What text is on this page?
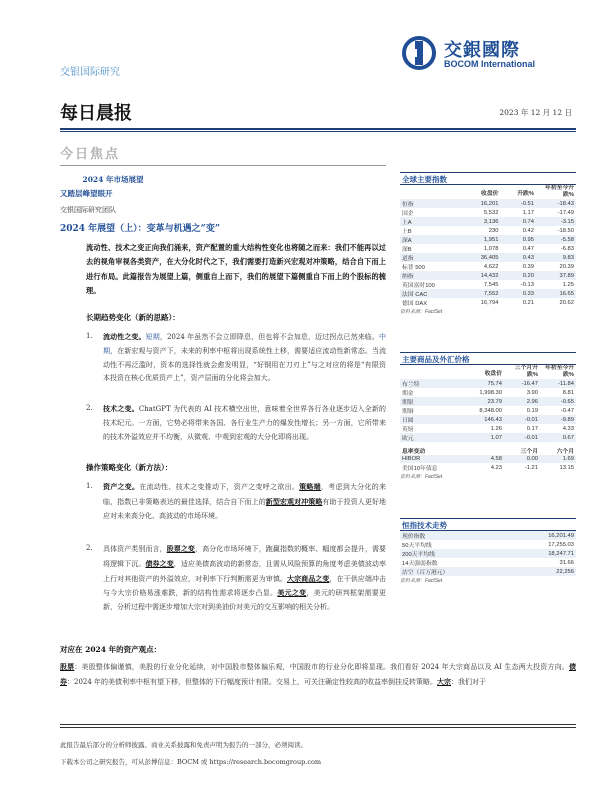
交银国际研究
交銀國際
BOCOM International
每日晨报	2023 年 12 月 12 日
今日焦点
2024 年市场展望
又踏层峰望眼开
交银国际研究团队
2024 年展望（上）：变革与机遇之“变”
流动性、技术之变正向我们涌来，资产配置的重大结构性变化也将随之而来：我们不能再以过去的视角审视各类资产，在大分化时代之下，我们需要打造新兴宏观对冲策略，结合自下而上进行布局。此篇报告为展望上篇，侧重自上而下，我们的展望下篇侧重自下而上的个股标的梳理。
长期趋势变化（新的思路）：
1. 流动性之变。短期，2024 年虽然不会立即降息，但也将不会加息，迈过拐点已然来临。中期，在新宏观与资产下，未来的利率中枢将出现系统性上移，需要适应流动性新常态。当流动性不再泛滥时，资本的选择性就会愈发明显，“好钢用在刀刃上”与之对应的将是“有限资本投资在核心优质资产上”，资产层面的分化将会加大。
2. 技术之变。ChatGPT 为代表的 AI 技术横空出世，意味着全世界各行各业逐步迈入全新的技术纪元。一方面，它势必将带来各国、各行业生产力的爆发性增长；另一方面，它所带来的技术外溢效应并不均衡，从微观、中观到宏观的大分化即将出现。
操作策略变化（新方法）：
1. 资产之变。在流动性、技术之变推动下，资产之变呼之欲出。策略端，考虑到大分化的来临，指数已非策略表达的最佳选择，结合自下而上的新型宏观对冲策略有助于投资人更好地应对未来高分化、高波动的市场环境。
2. 具体资产类别而言，股票之变，高分化市场环境下，跑赢指数的概率、幅度都会提升，需要将逻辑下沉。债券之变，适应美债高波动的新常态，且需从风险预算的角度考虑美债波动率上行对其他资产的外溢效应，对利率下行判断需更为审慎。大宗商品之变，在干供应端冲击与今大宗价格易涨难跌，新的结构性需求将逐步凸显。美元之变，美元的研判框架需要更新，分析过程中需逐步增加大宗对到美油价对美元的交互影响的相关分析。
对应在 2024 年的资产观点：
股票：美股整体偏谨慎，美股的行业分化延续，对中国股市整体偏乐观，中国股市的行业分化即将显现。我们看好 2024 年大宗商品以及 AI 生态两大投资方向。债券：2024 年的美债利率中枢有望下移，但整体的下行幅度预计有限。交易上，可关注确定性较高的收益率倒挂反转策略。大宗：我们对于
此报告最后部分的分析师披露、商业关系披露和免责声明为报告的一部分，必须阅读。
下载本公司之研究报告，可从彭博信息：BOCM 或 https://research.bocomgroup.com
全球主要指数
	收盘价	升跌%	年初至今升跌%
恒指	16,201	-0.51	-18.43
国企	5,532	1.17	-17.49
上A	3,136	0.74	-3.15
上B	230	0.42	-18.50
深A	1,951	0.95	-5.58
深B	1,078	0.47	-6.83
道指	36,405	0.43	9.83
标普 500	4,622	0.39	20.39
纳指	14,432	0.20	37.89
英国富时100	7,545	-0.13	1.25
法国 CAC	7,552	0.33	16.65
德国 DAX	16,794	0.21	20.62
资料来源：FactSet
主要商品及外汇价格
	收盘价	三个月升跌%	年初至今升跌%
布兰特	75.74	-16.47	-11.84
期金	1,998.30	3.90	8.81
期银	23.79	2.96	-0.65
期铜	8,348.00	0.19	-0.47
日圆	146.43	-0.01	-9.89
英镑	1.26	0.17	4.33
欧元	1.07	-0.01	0.67
息率变动		三个月	六个月
HIBOR	4.58	0.00	1.69
美国10年债息	4.23	-1.21	13.15
资料来源：FactSet
恒指技术走势
现价指数	16,201.49
50天平均线	17,255.03
200天平均线	18,247.71
14天强弱指数	31.66
沽空（百万港元）	22,256
资料来源：FactSet
